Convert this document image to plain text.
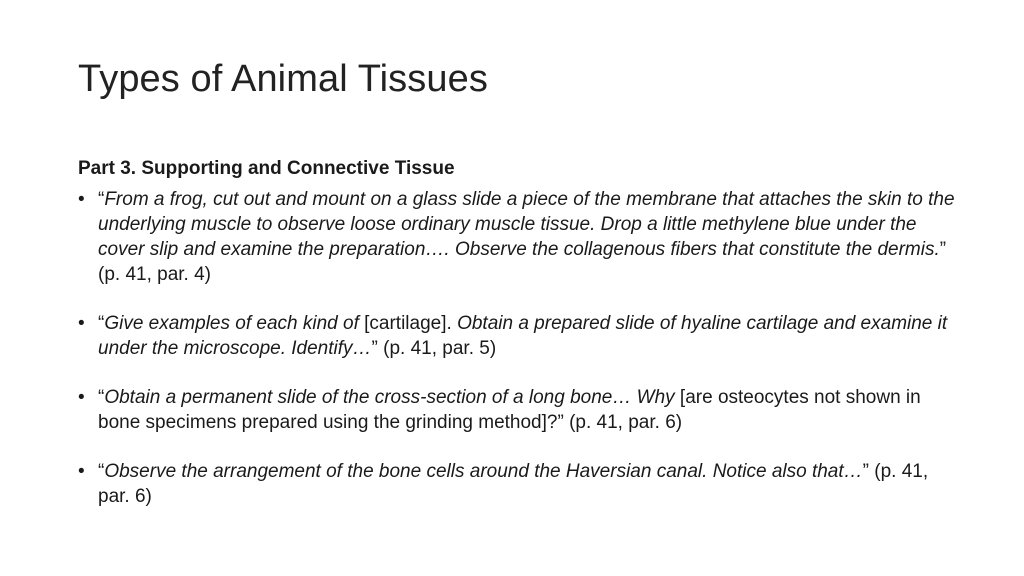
Types of Animal Tissues
Part 3. Supporting and Connective Tissue
• “From a frog, cut out and mount on a glass slide a piece of the membrane that attaches the skin to the underlying muscle to observe loose ordinary muscle tissue. Drop a little methylene blue under the cover slip and examine the preparation…. Observe the collagenous fibers that constitute the dermis.” (p. 41, par. 4)
• “Give examples of each kind of [cartilage]. Obtain a prepared slide of hyaline cartilage and examine it under the microscope. Identify…” (p. 41, par. 5)
• “Obtain a permanent slide of the cross-section of a long bone… Why [are osteocytes not shown in bone specimens prepared using the grinding method]?” (p. 41, par. 6)
• “Observe the arrangement of the bone cells around the Haversian canal. Notice also that…” (p. 41, par. 6)
